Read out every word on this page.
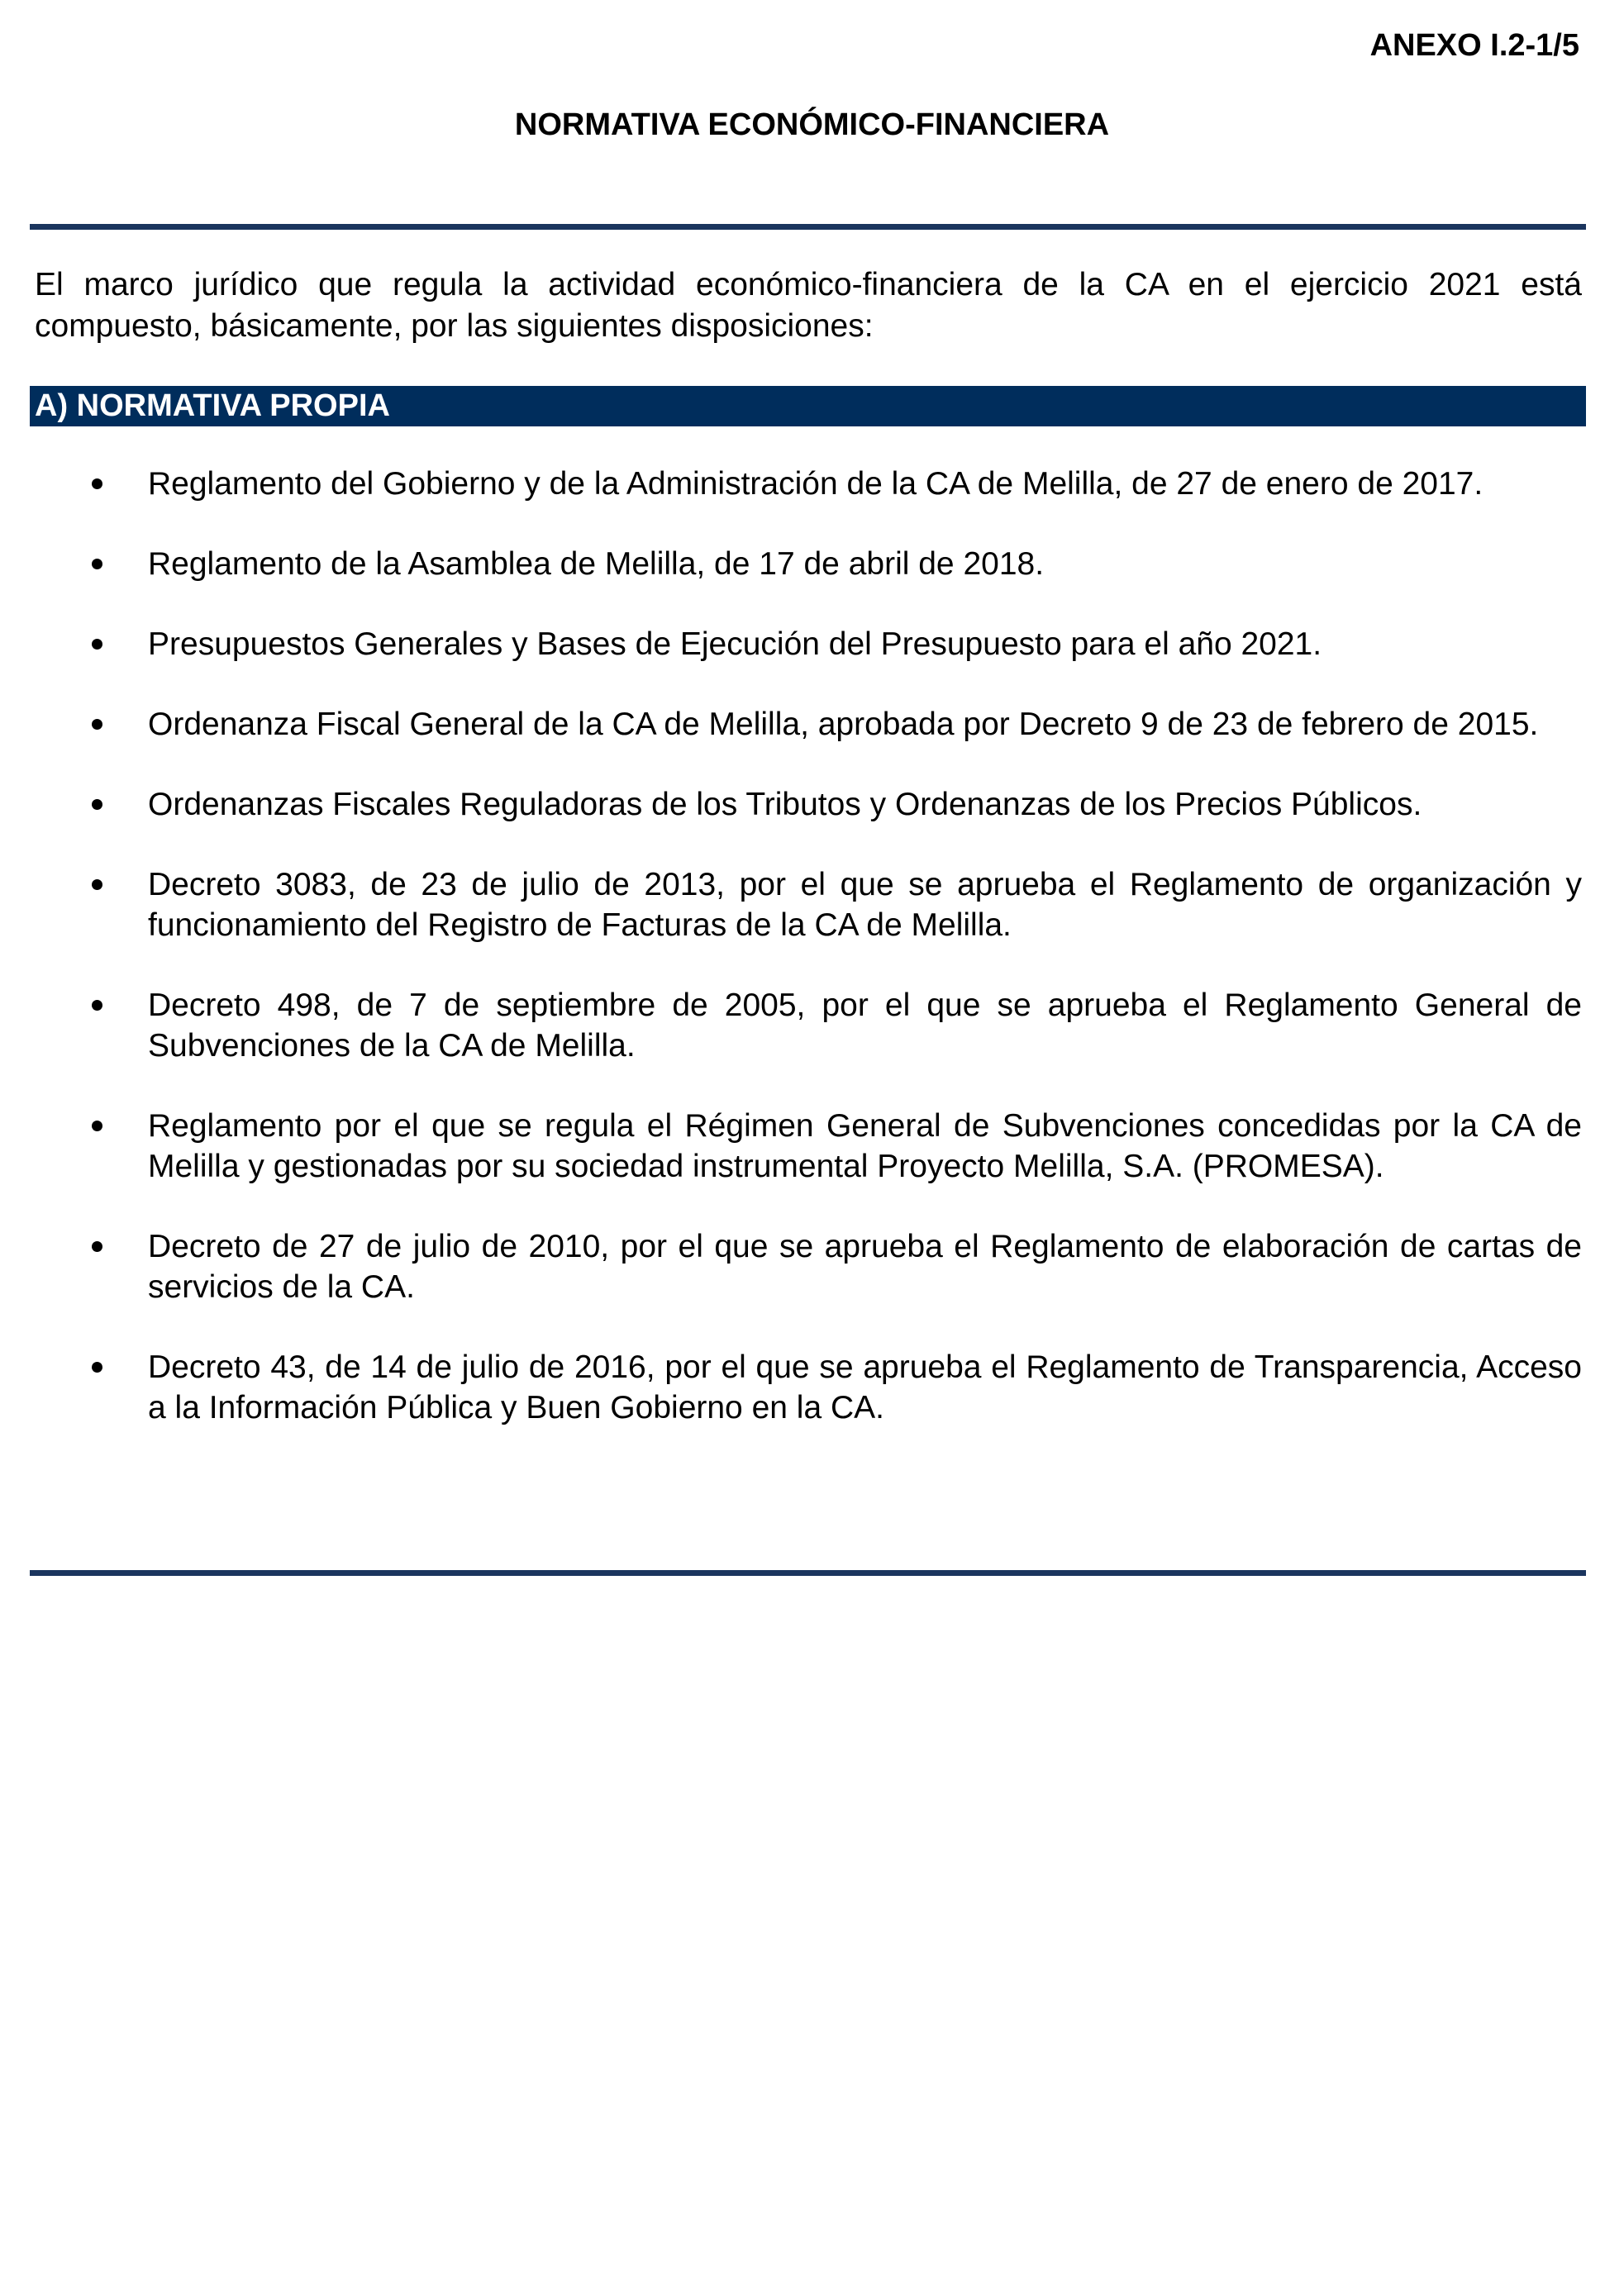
ANEXO I.2-1/5
NORMATIVA ECONÓMICO-FINANCIERA

El marco jurídico que regula la actividad económico-financiera de la CA en el ejercicio 2021 está compuesto, básicamente, por las siguientes disposiciones:

A) NORMATIVA PROPIA
Reglamento del Gobierno y de la Administración de la CA de Melilla, de 27 de enero de 2017.
Reglamento de la Asamblea de Melilla, de 17 de abril de 2018.
Presupuestos Generales y Bases de Ejecución del Presupuesto para el año 2021.
Ordenanza Fiscal General de la CA de Melilla, aprobada por Decreto 9 de 23 de febrero de 2015.
Ordenanzas Fiscales Reguladoras de los Tributos y Ordenanzas de los Precios Públicos.
Decreto 3083, de 23 de julio de 2013, por el que se aprueba el Reglamento de organización y funcionamiento del Registro de Facturas de la CA de Melilla.
Decreto 498, de 7 de septiembre de 2005, por el que se aprueba el Reglamento General de Subvenciones de la CA de Melilla.
Reglamento por el que se regula el Régimen General de Subvenciones concedidas por la CA de Melilla y gestionadas por su sociedad instrumental Proyecto Melilla, S.A. (PROMESA).
Decreto de 27 de julio de 2010, por el que se aprueba el Reglamento de elaboración de cartas de servicios de la CA.
Decreto 43, de 14 de julio de 2016, por el que se aprueba el Reglamento de Transparencia, Acceso a la Información Pública y Buen Gobierno en la CA.
